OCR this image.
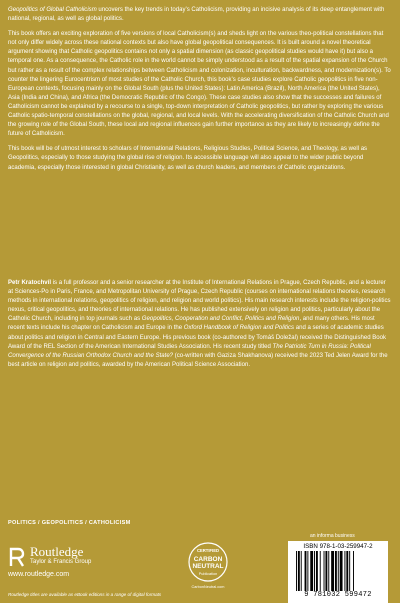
Geopolitics of Global Catholicism uncovers the key trends in today’s Catholicism, providing an incisive analysis of its deep entanglement with national, regional, as well as global politics.

This book offers an exciting exploration of five versions of local Catholicism(s) and sheds light on the various theo-political constellations that not only differ widely across these national contexts but also have global geopolitical consequences. It is built around a novel theoretical argument showing that Catholic geopolitics contains not only a spatial dimension (as classic geopolitical studies would have it) but also a temporal one. As a consequence, the Catholic role in the world cannot be simply understood as a result of the spatial expansion of the Church but rather as a result of the complex relationships between Catholicism and colonization, inculturation, backwardness, and modernization(s). To counter the lingering Eurocentrism of most studies of the Catholic Church, this book’s case studies explore Catholic geopolitics in five non-European contexts, focusing mainly on the Global South (plus the United States): Latin America (Brazil), North America (the United States), Asia (India and China), and Africa (the Democratic Republic of the Congo). These case studies also show that the successes and failures of Catholicism cannot be explained by a recourse to a single, top-down interpretation of Catholic geopolitics, but rather by exploring the various Catholic spatio-temporal constellations on the global, regional, and local levels. With the accelerating diversification of the Catholic Church and the growing role of the Global South, these local and regional influences gain further importance as they are likely to increasingly define the future of Catholicism.

This book will be of utmost interest to scholars of International Relations, Religious Studies, Political Science, and Theology, as well as Geopolitics, especially to those studying the global rise of religion. Its accessible language will also appeal to the wider public beyond academia, especially those interested in global Christianity, as well as church leaders, and members of Catholic organizations.

Petr Kratochvíl is a full professor and a senior researcher at the Institute of International Relations in Prague, Czech Republic, and a lecturer at Sciences-Po in Paris, France, and Metropolitan University of Prague, Czech Republic (courses on international relations theories, research methods in international relations, geopolitics of religion, and religion and world politics). His main research interests include the religion-politics nexus, critical geopolitics, and theories of international relations. He has published extensively on religion and politics, particularly about the Catholic Church, including in top journals such as Geopolitics, Cooperation and Conflict, Politics and Religion, and many others. His most recent texts include his chapter on Catholicism and Europe in the Oxford Handbook of Religion and Politics and a series of academic studies about politics and religion in Central and Eastern Europe. His previous book (co-authored by Tomáš Doležal) received the Distinguished Book Award of the REL Section of the American International Studies Association. His recent study titled The Patriotic Turn in Russia: Political Convergence of the Russian Orthodox Church and the State? (co-written with Gaziza Shakhanova) received the 2023 Ted Jelen Award for the best article on religion and politics, awarded by the American Political Science Association.

POLITICS / GEOPOLITICS / CATHOLICISM
Routledge
Taylor & Francis Group
www.routledge.com
Routledge titles are available as eBook editions in a range of digital formats
CERTIFIED
CARBON
NEUTRAL
Publication
CarbonNeutral.com
an informa business
ISBN 978-1-03-259947-2
9 781032 599472
